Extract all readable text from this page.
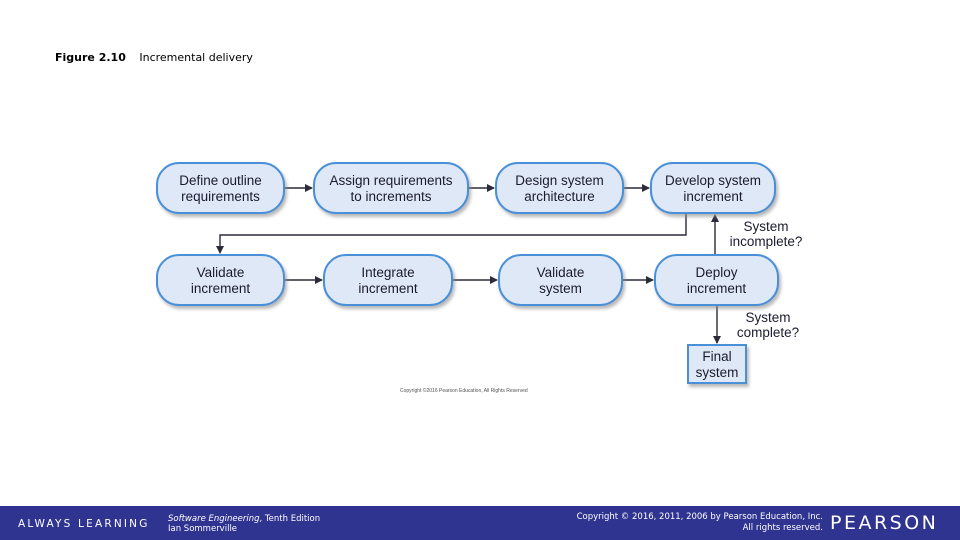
Figure 2.10 Incremental delivery
Define outline
requirements
Assign requirements
to increments
Design system
architecture
Develop system
increment
Validate
increment
Integrate
increment
Validate
system
Deploy
increment
Final
system
System
incomplete?
System
complete?
Copyright ©2016 Pearson Education, All Rights Reserved
ALWAYS LEARNING Software Engineering, Tenth Edition
Ian Sommerville
Copyright © 2016, 2011, 2006 by Pearson Education, Inc.
All rights reserved. PEARSON
